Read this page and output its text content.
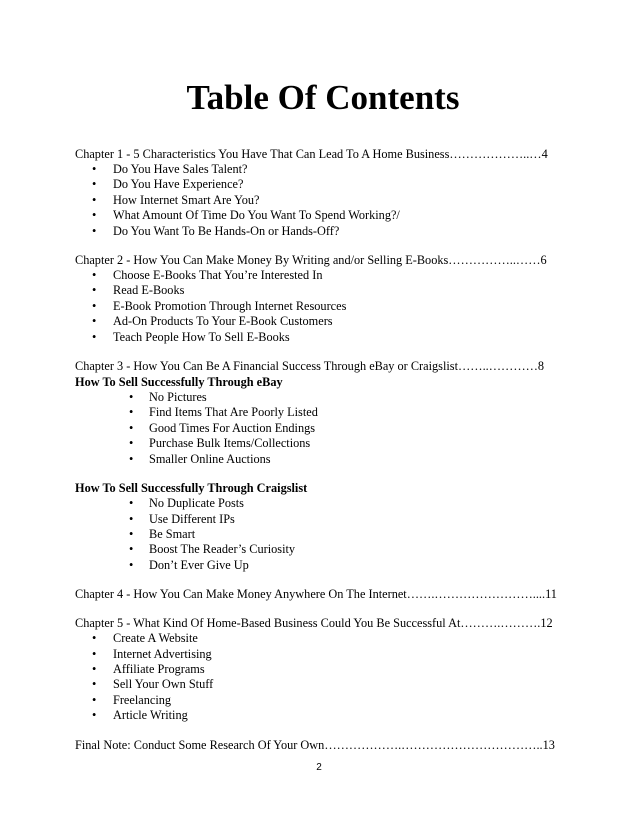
Table Of Contents
Chapter 1 - 5 Characteristics You Have That Can Lead To A Home Business………………..…4
• Do You Have Sales Talent?
• Do You Have Experience?
• How Internet Smart Are You?
• What Amount Of Time Do You Want To Spend Working?/
• Do You Want To Be Hands-On or Hands-Off?
Chapter 2 - How You Can Make Money By Writing and/or Selling E-Books……………..……6
• Choose E-Books That You’re Interested In
• Read E-Books
• E-Book Promotion Through Internet Resources
• Ad-On Products To Your E-Book Customers
• Teach People How To Sell E-Books
Chapter 3 - How You Can Be A Financial Success Through eBay or Craigslist……..…………8
How To Sell Successfully Through eBay
• No Pictures
• Find Items That Are Poorly Listed
• Good Times For Auction Endings
• Purchase Bulk Items/Collections
• Smaller Online Auctions
How To Sell Successfully Through Craigslist
• No Duplicate Posts
• Use Different IPs
• Be Smart
• Boost The Reader’s Curiosity
• Don’t Ever Give Up
Chapter 4 - How You Can Make Money Anywhere On The Internet…….……………………....11
Chapter 5 - What Kind Of Home-Based Business Could You Be Successful At……….……….12
• Create A Website
• Internet Advertising
• Affiliate Programs
• Sell Your Own Stuff
• Freelancing
• Article Writing
Final Note: Conduct Some Research Of Your Own……………….……………………………..13
2
